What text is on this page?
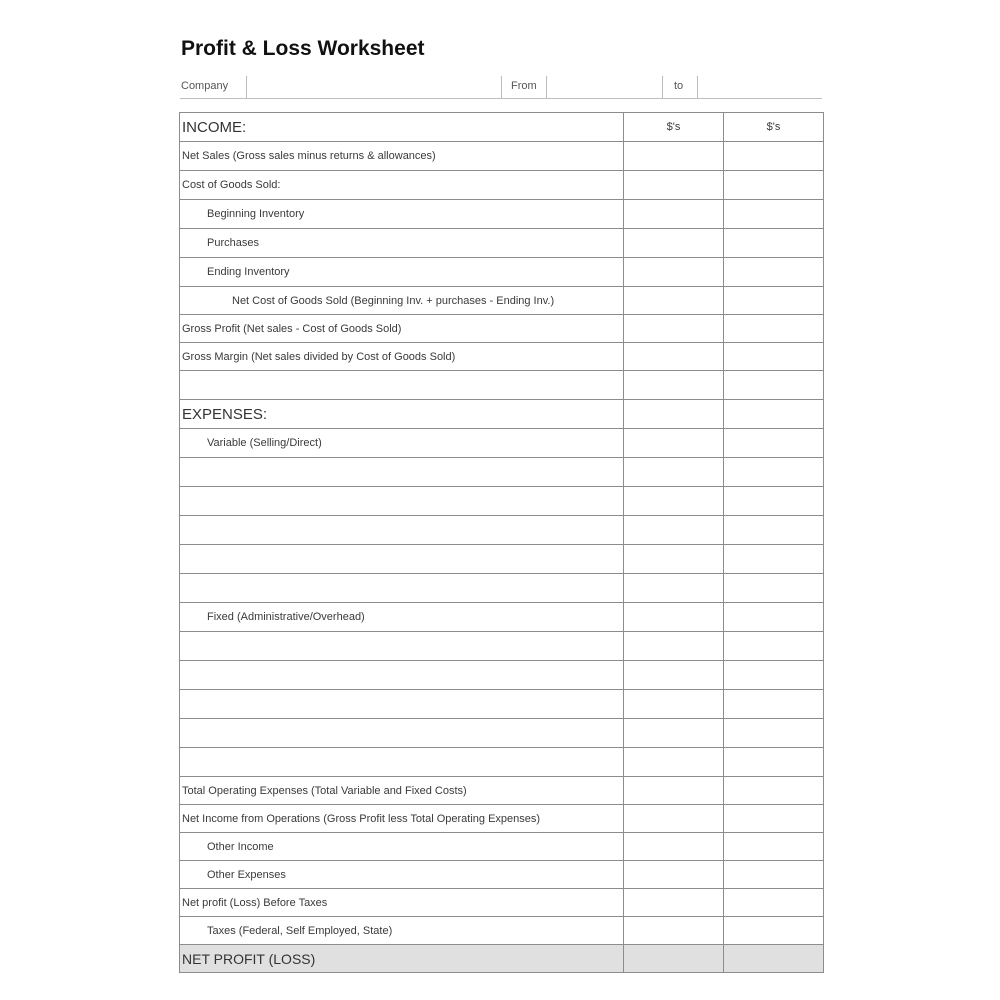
Profit & Loss Worksheet
Company	From	to
INCOME:	$'s	$'s

Net Sales (Gross sales minus returns & allowances)		

Cost of Goods Sold:		

Beginning Inventory		

Purchases		

Ending Inventory		

Net Cost of Goods Sold (Beginning Inv. + purchases - Ending Inv.)		

Gross Profit (Net sales - Cost of Goods Sold)		

Gross Margin (Net sales divided by Cost of Goods Sold)		

EXPENSES:		

Variable (Selling/Direct)		

Fixed (Administrative/Overhead)		

Total Operating Expenses (Total Variable and Fixed Costs)		

Net Income from Operations (Gross Profit less Total Operating Expenses)		

Other Income		

Other Expenses		

Net profit (Loss) Before Taxes		

Taxes (Federal, Self Employed, State)		

NET PROFIT (LOSS)		
